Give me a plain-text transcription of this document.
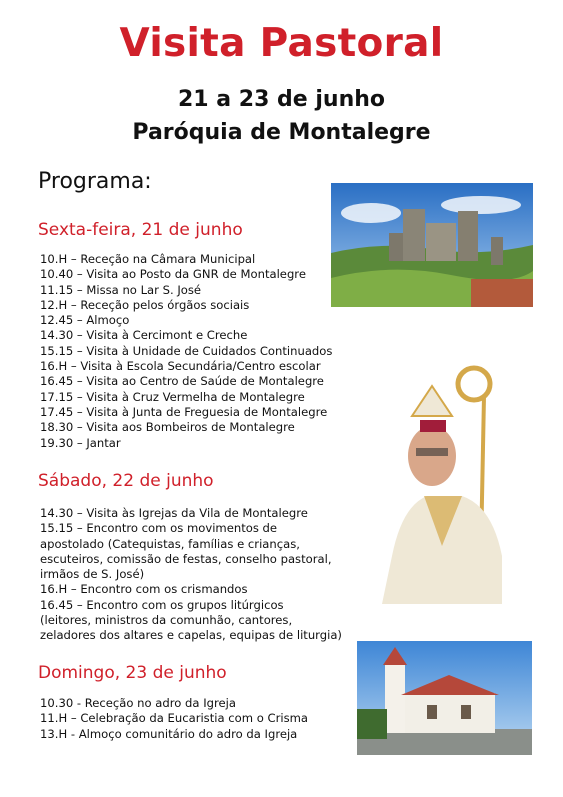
Visita Pastoral
21 a 23 de junho
Paróquia de Montalegre
Programa:
Sexta-feira, 21 de junho
10.H – Receção na Câmara Municipal
10.40 – Visita ao Posto da GNR de Montalegre
11.15 – Missa no Lar S. José
12.H – Receção pelos órgãos sociais
12.45 – Almoço
14.30 – Visita à Cercimont e Creche
15.15 – Visita à Unidade de Cuidados Continuados
16.H – Visita à Escola Secundária/Centro escolar
16.45 – Visita ao Centro de Saúde de Montalegre
17.15 – Visita à Cruz Vermelha de Montalegre
17.45 – Visita à Junta de Freguesia de Montalegre
18.30 – Visita aos Bombeiros de Montalegre
19.30 – Jantar
Sábado, 22 de junho
14.30 – Visita às Igrejas da Vila de Montalegre
15.15 – Encontro com os movimentos de
apostolado (Catequistas, famílias e crianças,
escuteiros, comissão de festas, conselho pastoral,
irmãos de S. José)
16.H – Encontro com os crismandos
16.45 – Encontro com os grupos litúrgicos
(leitores, ministros da comunhão, cantores,
zeladores dos altares e capelas, equipas de liturgia)
Domingo, 23 de junho
10.30 - Receção no adro da Igreja
11.H – Celebração da Eucaristia com o Crisma
13.H - Almoço comunitário do adro da Igreja
